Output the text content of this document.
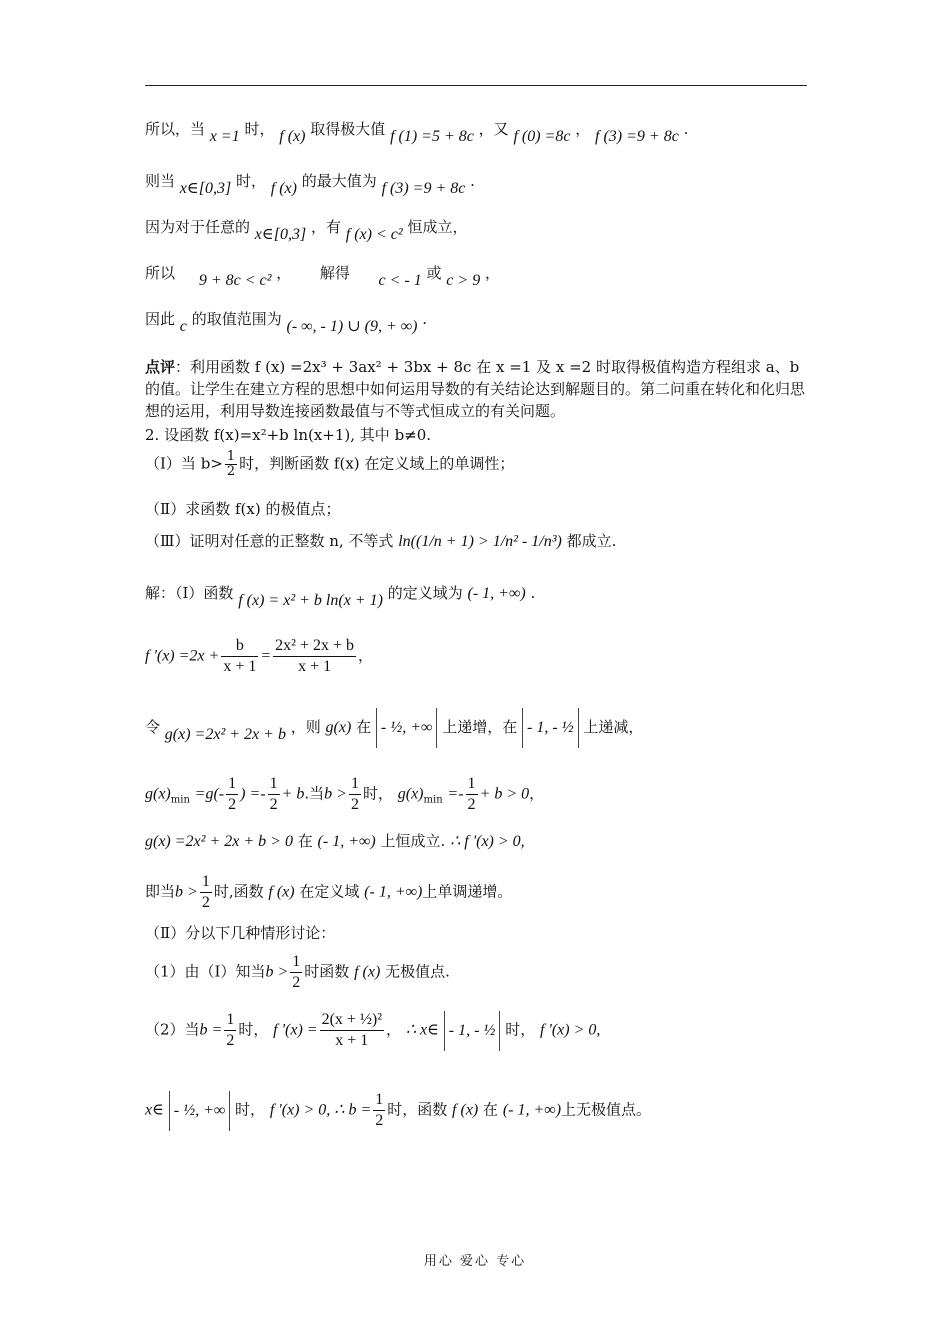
所以，当 x =1 时， f (x) 取得极大值 f (1) =5 + 8c ，又 f (0) =8c ， f (3) =9 + 8c .

则当 x∈[0,3] 时， f (x) 的最大值为 f (3) =9 + 8c .

因为对于任意的 x∈[0,3] ，有 f (x) < c² 恒成立，

所以 9 + 8c < c² ， 解得 c < - 1 或 c > 9 ，

因此 c 的取值范围为 (- ∞, - 1) ∪ (9, + ∞) .

点评：利用函数 f (x) =2x³ + 3ax² + 3bx + 8c 在 x =1 及 x =2 时取得极值构造方程组求 a、b 的值。让学生在建立方程的思想中如何运用导数的有关结论达到解题目的。第二问重在转化和化归思想的运用，利用导数连接函数最值与不等式恒成立的有关问题。

2. 设函数 f(x)=x²+b ln(x+1), 其中 b≠0.

（Ⅰ）当 $b> \frac{1}{2}$ 时，判断函数 f(x) 在定义域上的单调性；

（Ⅱ）求函数 f(x) 的极值点；

（Ⅲ）证明对任意的正整数 n, 不等式 ln((1/n + 1) > 1/n² - 1/n³) 都成立.

解：（Ⅰ）函数 f (x) = x² + b ln(x + 1) 的定义域为 (- 1, +∞) .

f '$(x) =2x + \frac{b}{x + 1} = \frac{\text{2x² + 2x + b}}{x + 1}$ ，

令 g(x) =2x² + 2x + b ，则 g(x) 在 - ½, +∞ 上递增，在 - 1, - ½ 上递减，

$g(x)_{min} =g(- \frac{1}{2}$ ) =- $\frac{1}{2} + b$.当$b > \frac{1}{2}$ 时， $g(x)_{min} =- \frac{1}{2} + b > 0$，

g(x) =2x² + 2x + b > 0 在 (- 1, +∞) 上恒成立. ∴ f '(x) > 0,

即当$b > \frac{1}{2}$ 时,函数 f (x) 在定义域 (- 1, +∞)上单调递增。

（Ⅱ）分以下几种情形讨论：

（1）由（Ⅰ）知当$b > \frac{1}{2}$ 时函数 f (x) 无极值点.

（2）当$b = \frac{1}{2}$ 时， f '$(x) = \frac{\text{2(x + ½)²}}{x + 1}$ ， ∴ x∈ - 1, - ½ 时， f '(x) > 0,

x∈ - ½, +∞ 时， f '(x) > 0, ∴ $b = \frac{1}{2}$ 时，函数 f (x) 在 (- 1, +∞)上无极值点。

用心 爱心 专心
